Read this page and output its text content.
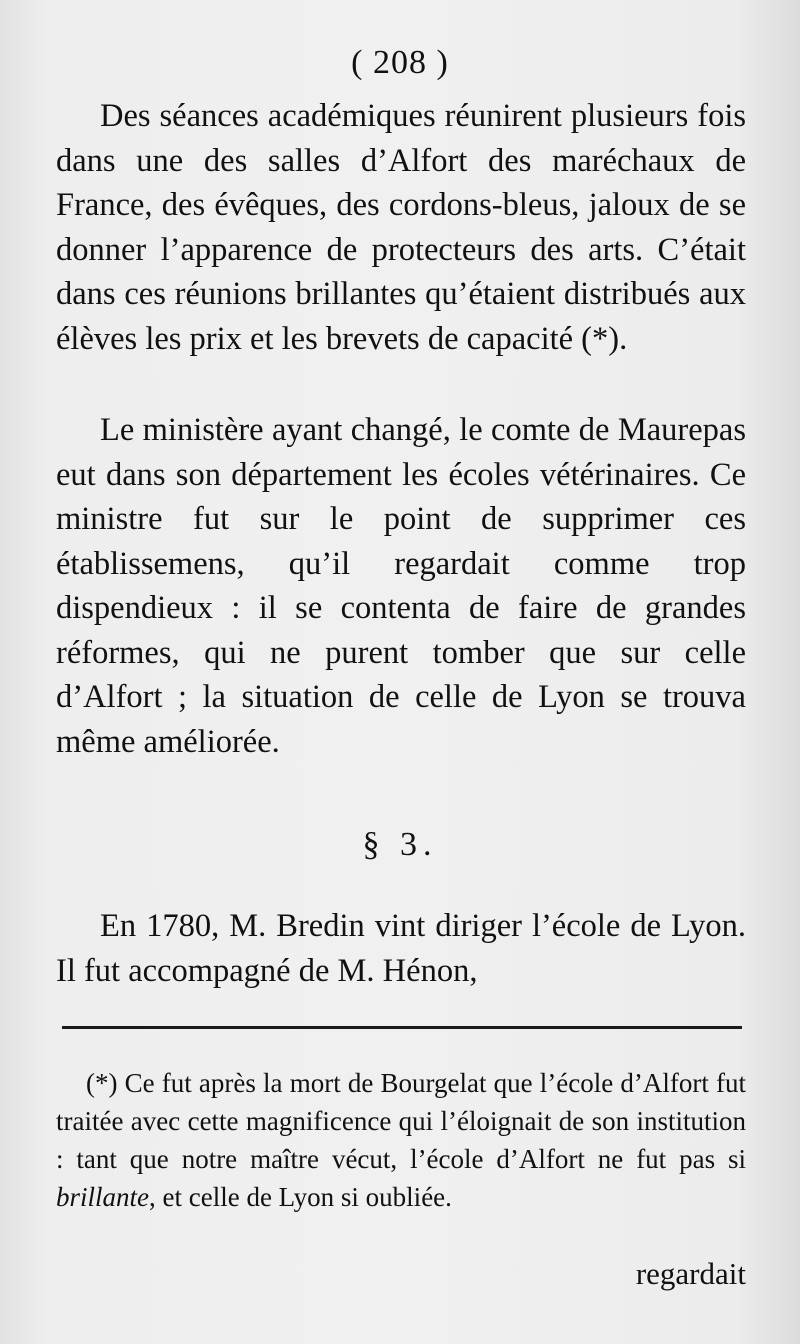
( 208 )

Des séances académiques réunirent plusieurs fois dans une des salles d’Alfort des maréchaux de France, des évêques, des cordons-bleus, jaloux de se donner l’apparence de protecteurs des arts. C’était dans ces réunions brillantes qu’étaient distribués aux élèves les prix et les brevets de capacité (*).

Le ministère ayant changé, le comte de Maurepas eut dans son département les écoles vétérinaires. Ce ministre fut sur le point de supprimer ces établissemens, qu’il regardait comme trop dispendieux : il se contenta de faire de grandes réformes, qui ne purent tomber que sur celle d’Alfort ; la situation de celle de Lyon se trouva même améliorée.

§ 3.

En 1780, M. Bredin vint diriger l’école de Lyon. Il fut accompagné de M. Hénon,

(*) Ce fut après la mort de Bourgelat que l’école d’Alfort fut traitée avec cette magnificence qui l’éloignait de son institution : tant que notre maître vécut, l’école d’Alfort ne fut pas si brillante, et celle de Lyon si oubliée.

regardait
